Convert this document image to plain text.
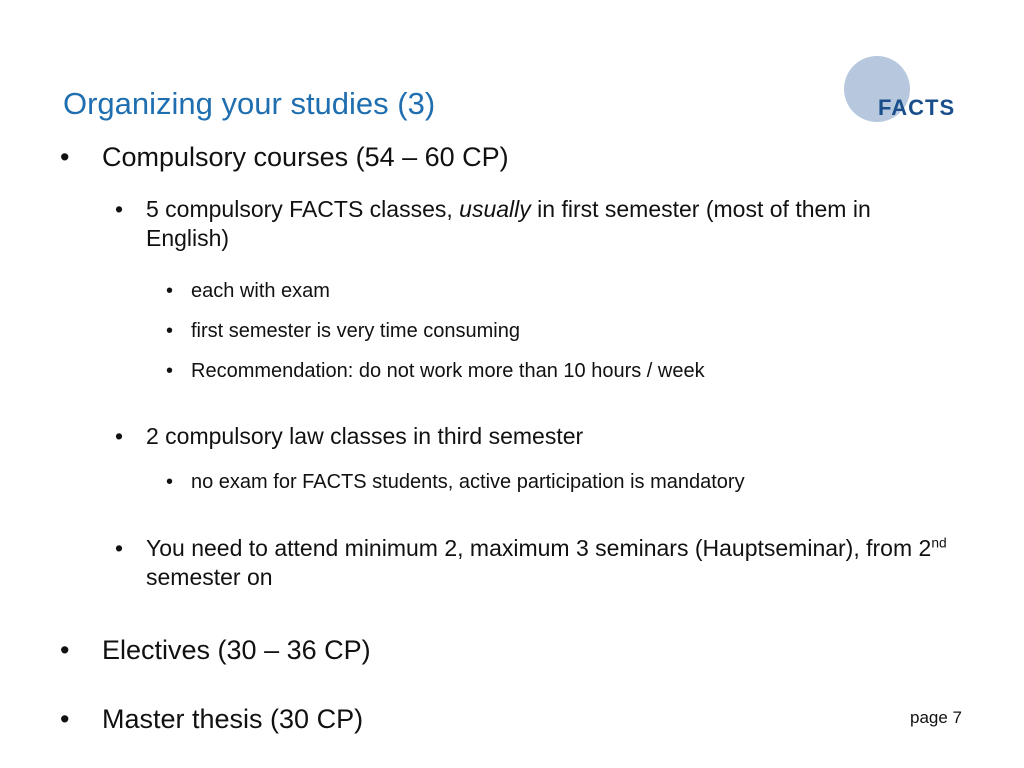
Organizing your studies (3)	FACTS
• Compulsory courses (54 – 60 CP)
• 5 compulsory FACTS classes, usually in first semester (most of them in English)
• each with exam
• first semester is very time consuming
• Recommendation: do not work more than 10 hours / week
• 2 compulsory law classes in third semester
• no exam for FACTS students, active participation is mandatory
• You need to attend minimum 2, maximum 3 seminars (Hauptseminar), from 2nd semester on
• Electives (30 – 36 CP)
• Master thesis (30 CP)	page 7
